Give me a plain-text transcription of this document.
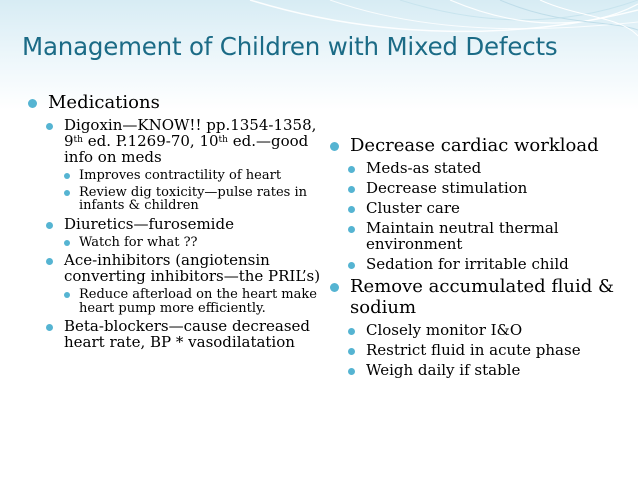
Management of Children with Mixed Defects
Medications
Digoxin—KNOW!! pp.1354-1358, 9th ed. P.1269-70, 10th ed.—good info on meds
Improves contractility of heart
Review dig toxicity—pulse rates in infants & children
Diuretics—furosemide
Watch for what ??
Ace-inhibitors (angiotensin converting inhibitors—the PRIL’s)
Reduce afterload on the heart make heart pump more efficiently.
Beta-blockers—cause decreased heart rate, BP * vasodilatation
Decrease cardiac workload
Meds-as stated
Decrease stimulation
Cluster care
Maintain neutral thermal environment
Sedation for irritable child
Remove accumulated fluid & sodium
Closely monitor I&O
Restrict fluid in acute phase
Weigh daily if stable
